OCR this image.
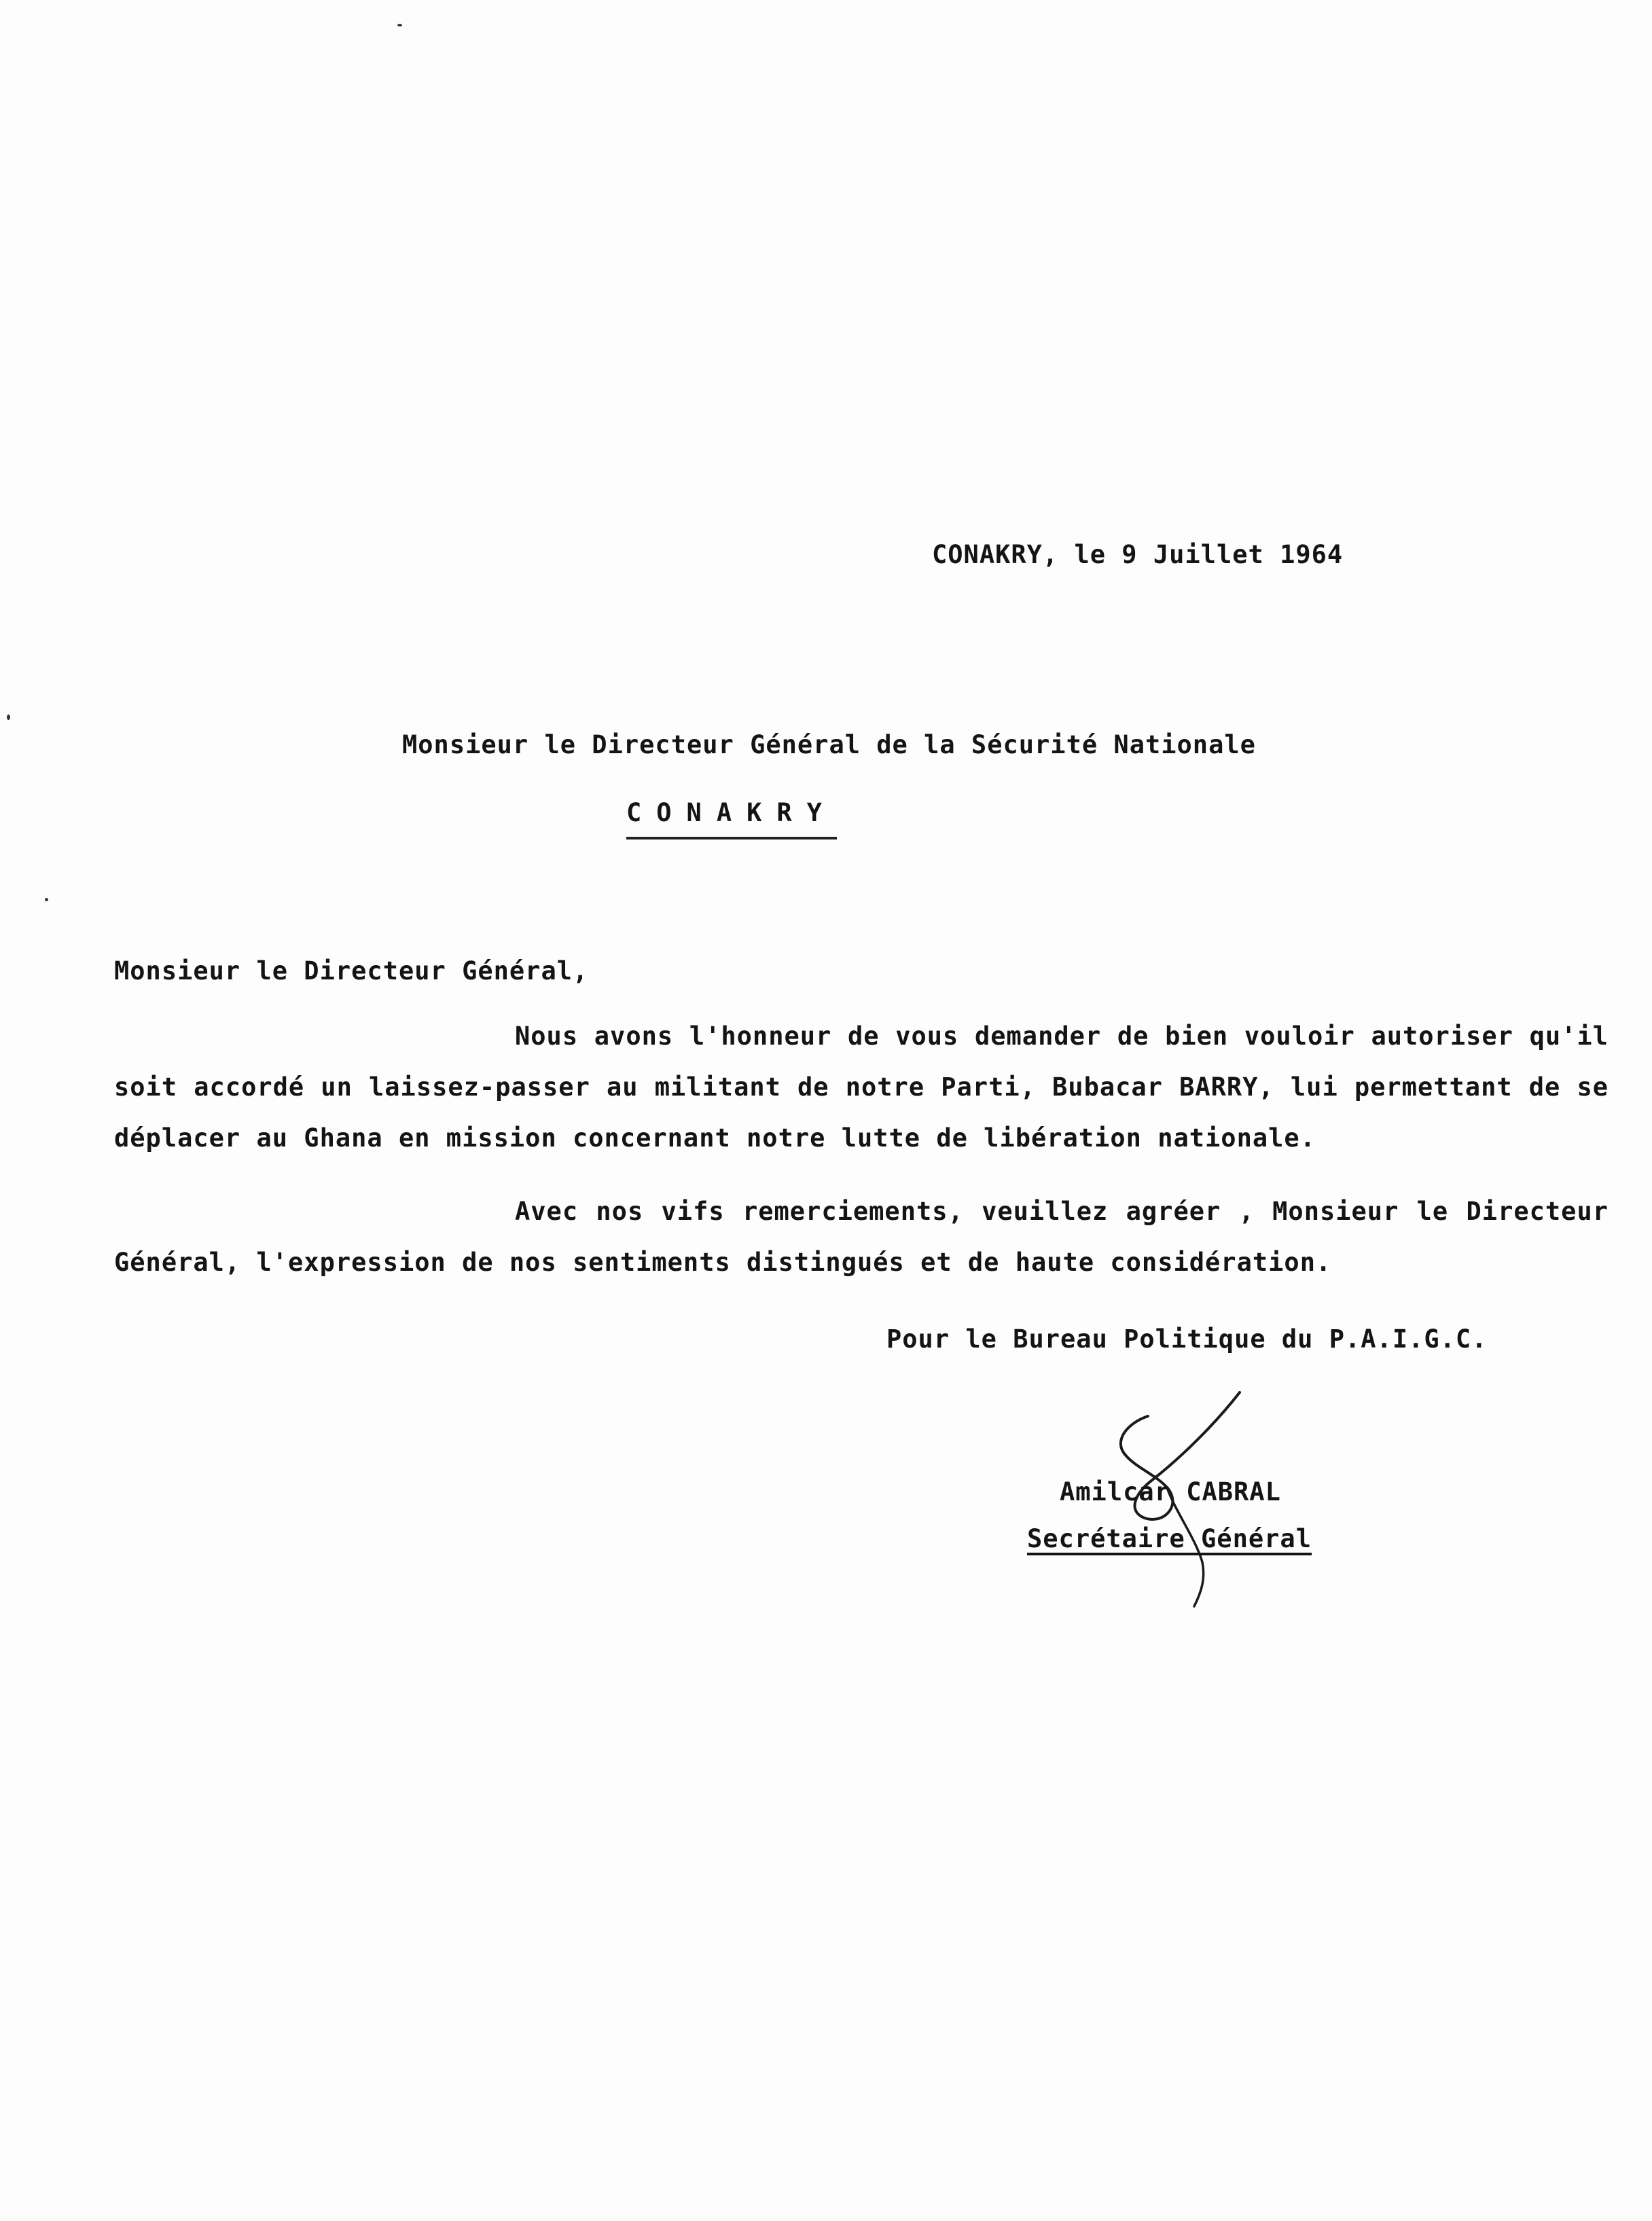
CONAKRY, le 9 Juillet 1964
Monsieur le Directeur Général de la Sécurité Nationale
CONAKRY
Monsieur le Directeur Général,

Nous avons l'honneur de vous demander de bien vouloir autoriser qu'il soit accordé un laissez-passer au militant de notre Parti, Bubacar BARRY, lui permettant de se déplacer au Ghana en mission concernant notre lutte de libération nationale.

Avec nos vifs remerciements, veuillez agréer , Monsieur le Directeur Général, l'expression de nos sentiments distingués et de haute considération.

Pour le Bureau Politique du P.A.I.G.C.
Amilcar CABRAL
Secrétaire Général
